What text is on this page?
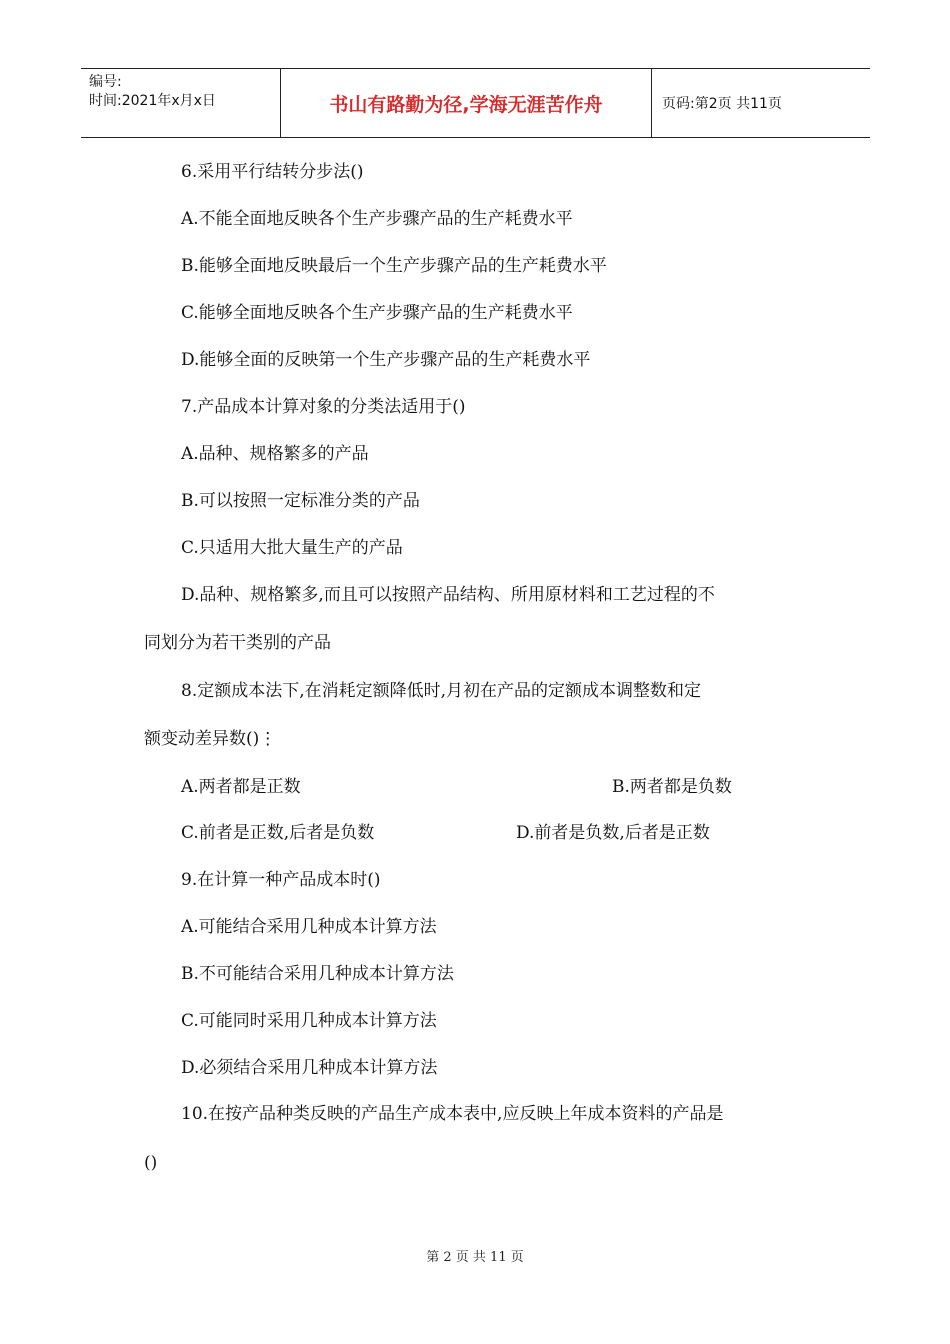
编号:
时间:2021年x月x日	书山有路勤为径,学海无涯苦作舟	页码:第2页 共11页
6.采用平行结转分步法()
A.不能全面地反映各个生产步骤产品的生产耗费水平
B.能够全面地反映最后一个生产步骤产品的生产耗费水平
C.能够全面地反映各个生产步骤产品的生产耗费水平
D.能够全面的反映第一个生产步骤产品的生产耗费水平
7.产品成本计算对象的分类法适用于()
A.品种、规格繁多的产品
B.可以按照一定标准分类的产品
C.只适用大批大量生产的产品
D.品种、规格繁多,而且可以按照产品结构、所用原材料和工艺过程的不
同划分为若干类别的产品
8.定额成本法下,在消耗定额降低时,月初在产品的定额成本调整数和定
额变动差异数()⋮
A.两者都是正数	B.两者都是负数
C.前者是正数,后者是负数	D.前者是负数,后者是正数
9.在计算一种产品成本时()
A.可能结合采用几种成本计算方法
B.不可能结合采用几种成本计算方法
C.可能同时采用几种成本计算方法
D.必须结合采用几种成本计算方法
10.在按产品种类反映的产品生产成本表中,应反映上年成本资料的产品是
()
第 2 页 共 11 页
